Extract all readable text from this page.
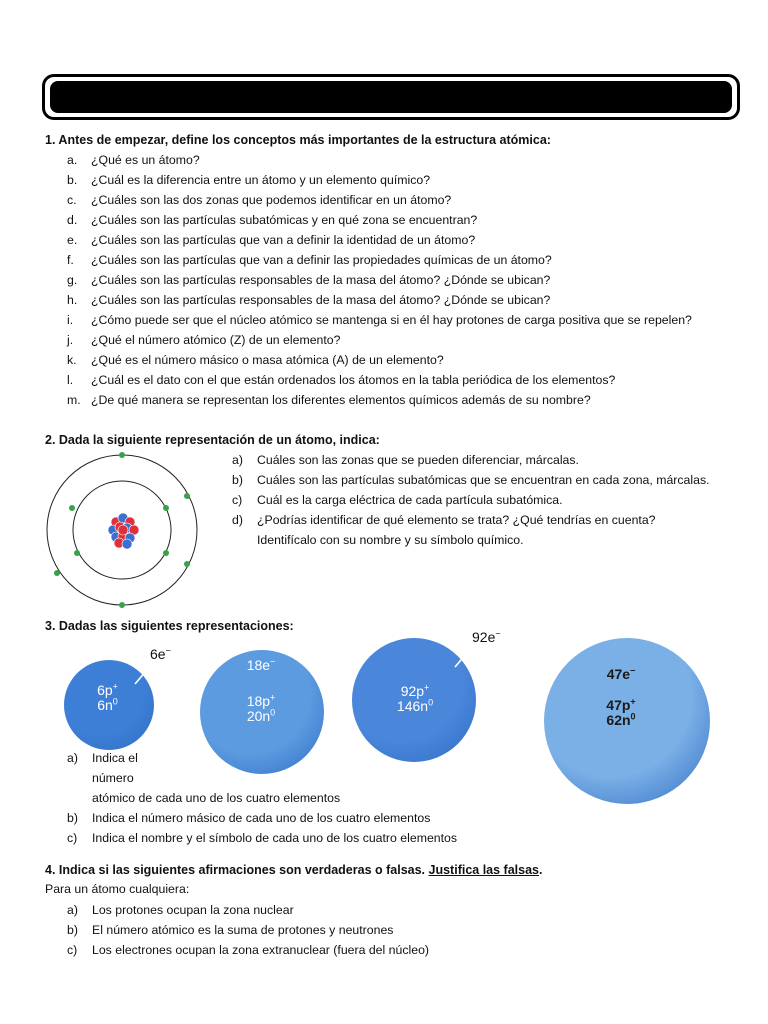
1. Antes de empezar, define los conceptos más importantes de la estructura atómica:
a. ¿Qué es un átomo?
b. ¿Cuál es la diferencia entre un átomo y un elemento químico?
c. ¿Cuáles son las dos zonas que podemos identificar en un átomo?
d. ¿Cuáles son las partículas subatómicas y en qué zona se encuentran?
e. ¿Cuáles son las partículas que van a definir la identidad de un átomo?
f. ¿Cuáles son las partículas que van a definir las propiedades químicas de un átomo?
g. ¿Cuáles son las partículas responsables de la masa del átomo? ¿Dónde se ubican?
h. ¿Cuáles son las partículas responsables de la masa del átomo? ¿Dónde se ubican?
i. ¿Cómo puede ser que el núcleo atómico se mantenga si en él hay protones de carga positiva que se repelen?
j. ¿Qué el número atómico (Z) de un elemento?
k. ¿Qué es el número másico o masa atómica (A) de un elemento?
l. ¿Cuál es el dato con el que están ordenados los átomos en la tabla periódica de los elementos?
m. ¿De qué manera se representan los diferentes elementos químicos además de su nombre?
2. Dada la siguiente representación de un átomo, indica:
a) Cuáles son las zonas que se pueden diferenciar, márcalas.
b) Cuáles son las partículas subatómicas que se encuentran en cada zona, márcalas.
c) Cuál es la carga eléctrica de cada partícula subatómica.
d) ¿Podrías identificar de qué elemento se trata? ¿Qué tendrías en cuenta?
Identifícalo con su nombre y su símbolo químico.
3. Dadas las siguientes representaciones:
6e−
6p+
$6n^0$
18e−
18p+
$20n^0$
92e−
92p+
$146n^0$
47e−
47p+
$62n^0$
a) Indica el
número
atómico de cada uno de los cuatro elementos
b) Indica el número másico de cada uno de los cuatro elementos
c) Indica el nombre y el símbolo de cada uno de los cuatro elementos
4. Indica si las siguientes afirmaciones son verdaderas o falsas. Justifica las falsas.
Para un átomo cualquiera:
a) Los protones ocupan la zona nuclear
b) El número atómico es la suma de protones y neutrones
c) Los electrones ocupan la zona extranuclear (fuera del núcleo)
